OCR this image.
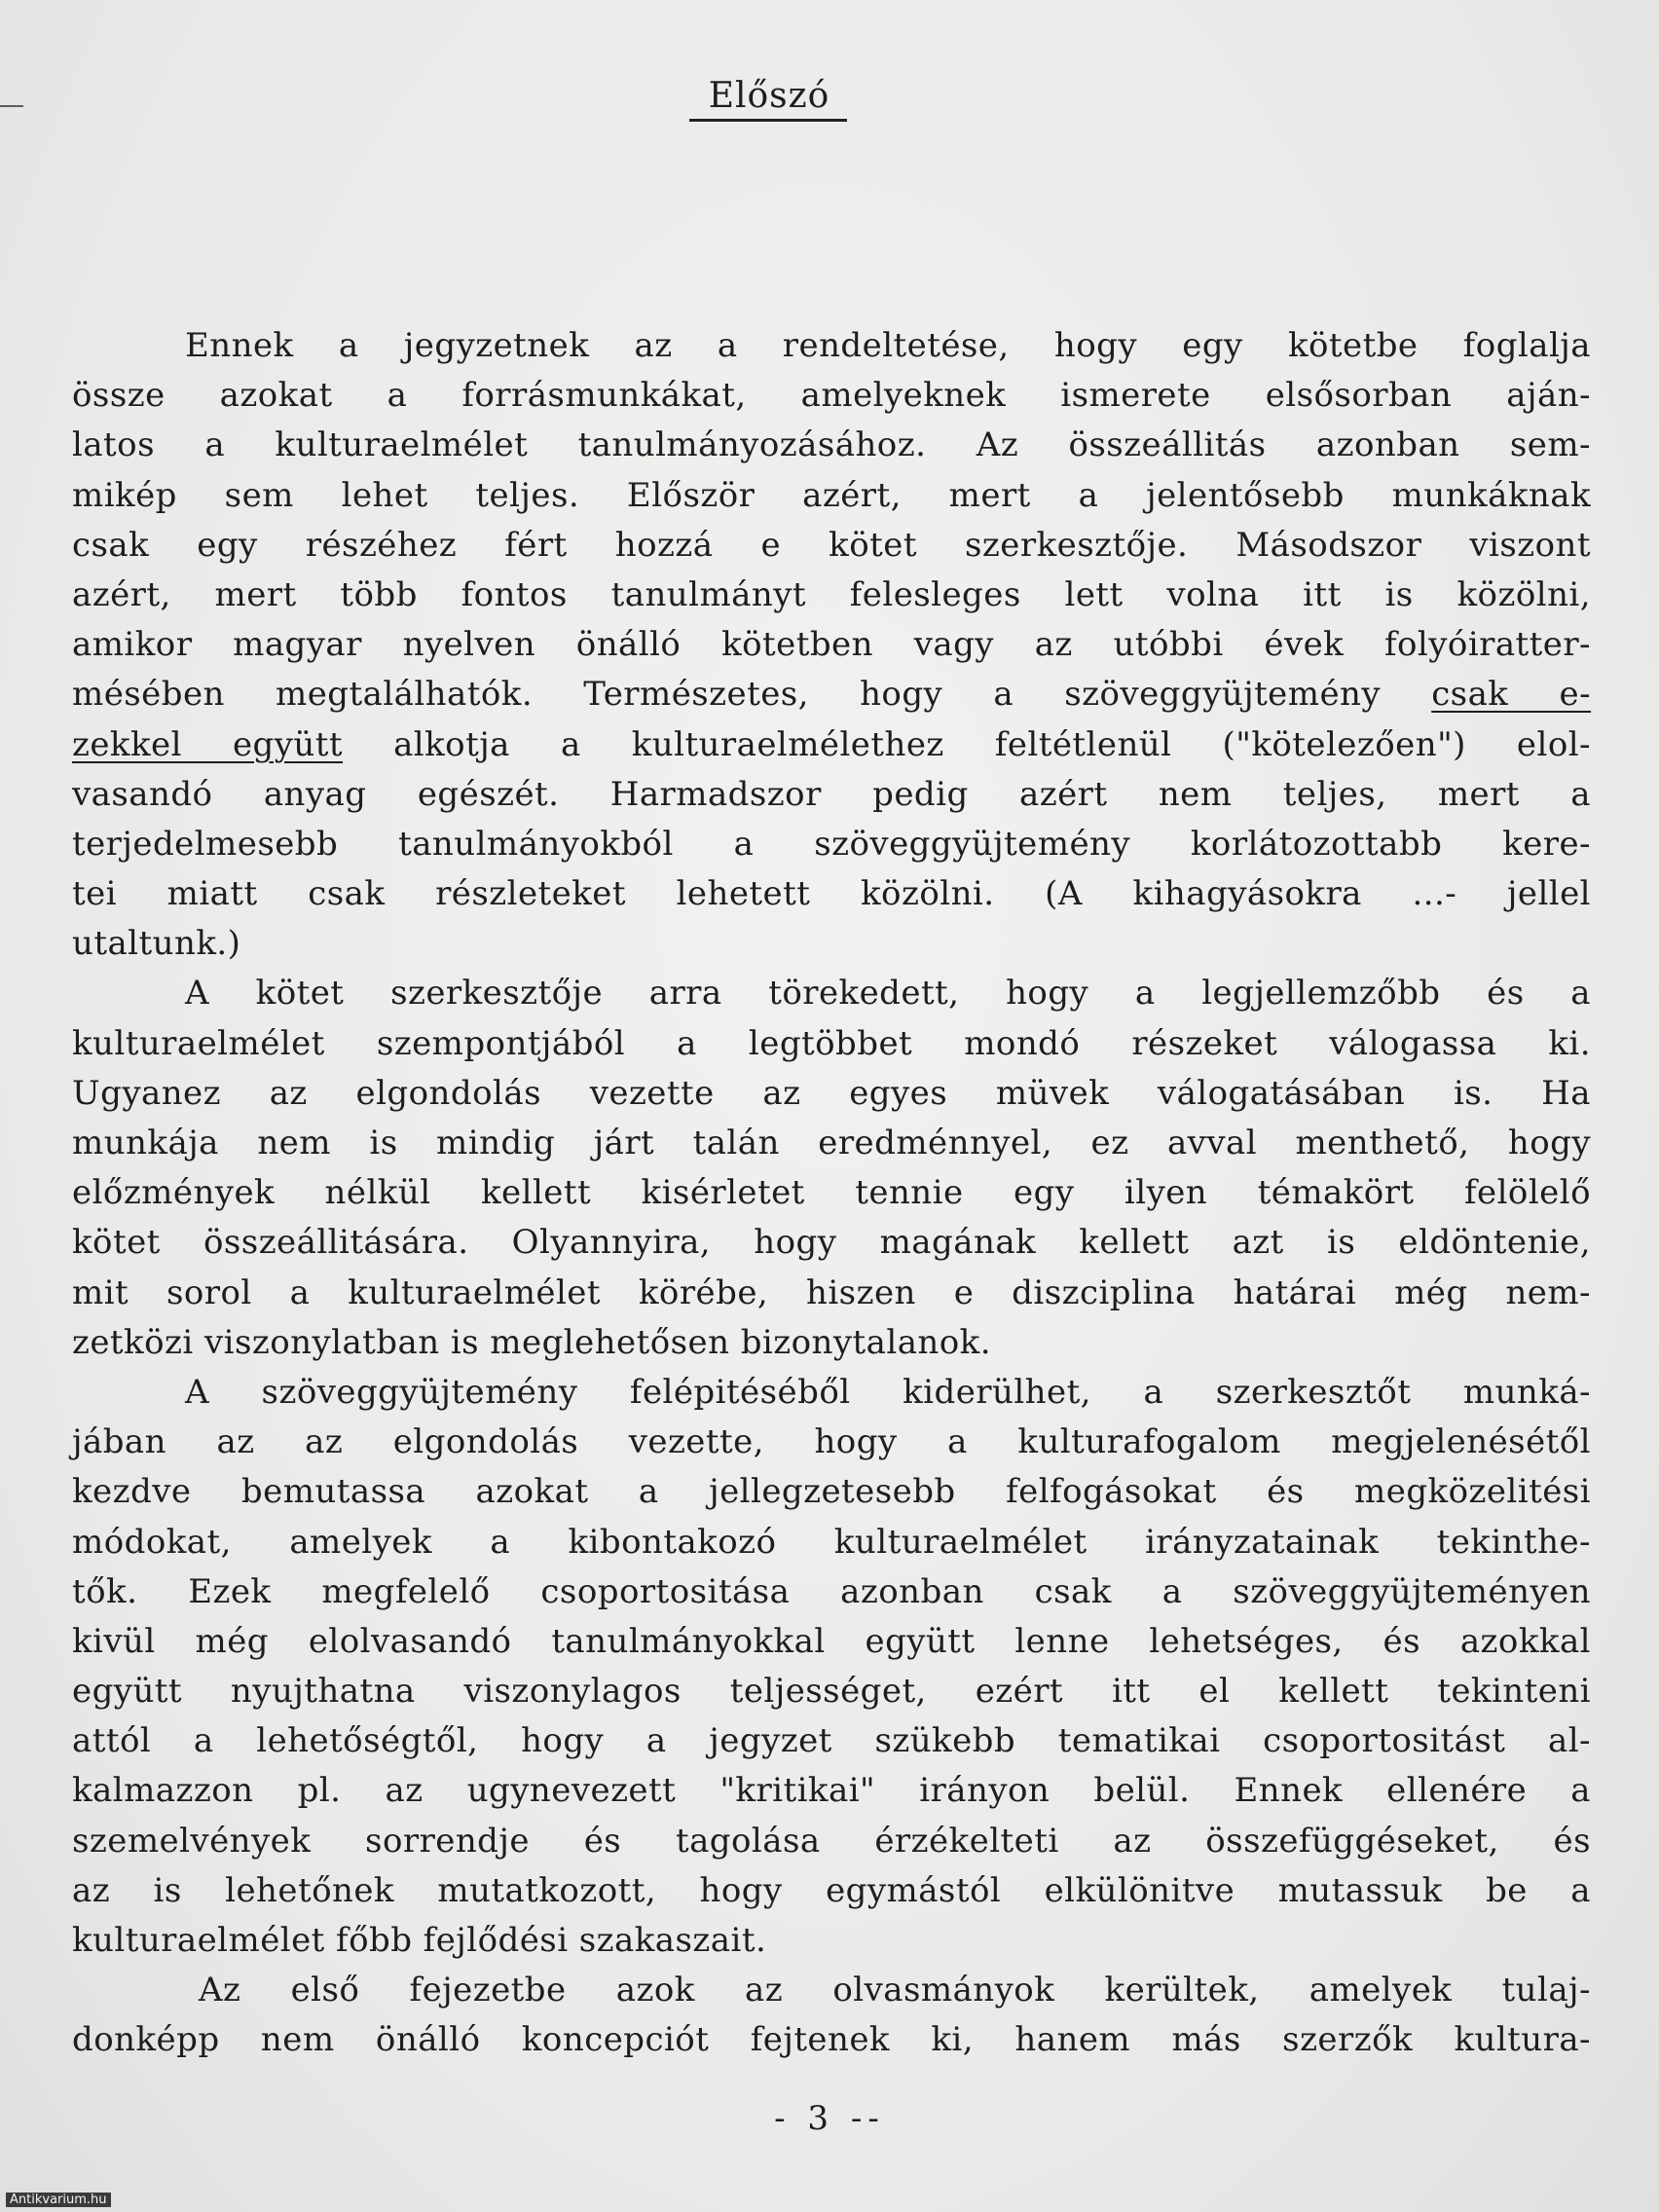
Előszó
Ennek a jegyzetnek az a rendeltetése, hogy egy kötetbe foglalja
össze azokat a forrásmunkákat, amelyeknek ismerete elsősorban aján-
latos a kulturaelmélet tanulmányozásához. Az összeállitás azonban sem-
mikép sem lehet teljes. Először azért, mert a jelentősebb munkáknak
csak egy részéhez fért hozzá e kötet szerkesztője. Másodszor viszont
azért, mert több fontos tanulmányt felesleges lett volna itt is közölni,
amikor magyar nyelven önálló kötetben vagy az utóbbi évek folyóiratter-
mésében megtalálhatók. Természetes, hogy a szöveggyüjtemény csak e-
zekkel együtt alkotja a kulturaelmélethez feltétlenül ("kötelezően") elol-
vasandó anyag egészét. Harmadszor pedig azért nem teljes, mert a
terjedelmesebb tanulmányokból a szöveggyüjtemény korlátozottabb kere-
tei miatt csak részleteket lehetett közölni. (A kihagyásokra ...- jellel
utaltunk.)
A kötet szerkesztője arra törekedett, hogy a legjellemzőbb és a
kulturaelmélet szempontjából a legtöbbet mondó részeket válogassa ki.
Ugyanez az elgondolás vezette az egyes müvek válogatásában is. Ha
munkája nem is mindig járt talán eredménnyel, ez avval menthető, hogy
előzmények nélkül kellett kisérletet tennie egy ilyen témakört felölelő
kötet összeállitására. Olyannyira, hogy magának kellett azt is eldöntenie,
mit sorol a kulturaelmélet körébe, hiszen e diszciplina határai még nem-
zetközi viszonylatban is meglehetősen bizonytalanok.
A szöveggyüjtemény felépitéséből kiderülhet, a szerkesztőt munká-
jában az az elgondolás vezette, hogy a kulturafogalom megjelenésétől
kezdve bemutassa azokat a jellegzetesebb felfogásokat és megközelitési
módokat, amelyek a kibontakozó kulturaelmélet irányzatainak tekinthe-
tők. Ezek megfelelő csoportositása azonban csak a szöveggyüjteményen
kivül még elolvasandó tanulmányokkal együtt lenne lehetséges, és azokkal
együtt nyujthatna viszonylagos teljességet, ezért itt el kellett tekinteni
attól a lehetőségtől, hogy a jegyzet szükebb tematikai csoportositást al-
kalmazzon pl. az ugynevezett "kritikai" irányon belül. Ennek ellenére a
szemelvények sorrendje és tagolása érzékelteti az összefüggéseket, és
az is lehetőnek mutatkozott, hogy egymástól elkülönitve mutassuk be a
kulturaelmélet főbb fejlődési szakaszait.
Az első fejezetbe azok az olvasmányok kerültek, amelyek tulaj-
donképp nem önálló koncepciót fejtenek ki, hanem más szerzők kultura-
- 3 --
Antikvarium.hu
